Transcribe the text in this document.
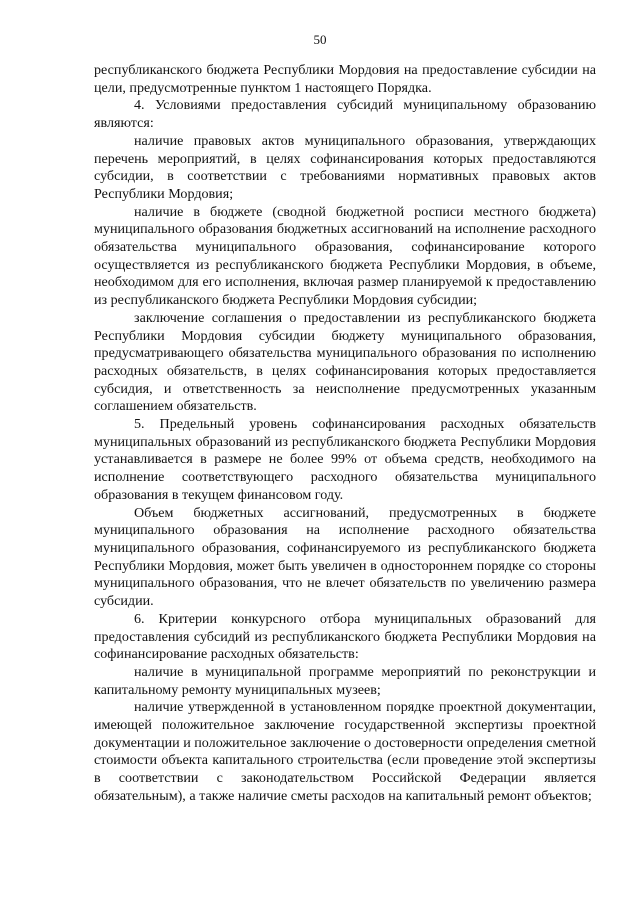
50

республиканского бюджета Республики Мордовия на предоставление субсидии на цели, предусмотренные пунктом 1 настоящего Порядка.

4. Условиями предоставления субсидий муниципальному образованию являются:

наличие правовых актов муниципального образования, утверждающих перечень мероприятий, в целях софинансирования которых предоставляются субсидии, в соответствии с требованиями нормативных правовых актов Республики Мордовия;

наличие в бюджете (сводной бюджетной росписи местного бюджета) муниципального образования бюджетных ассигнований на исполнение расходного обязательства муниципального образования, софинансирование которого осуществляется из республиканского бюджета Республики Мордовия, в объеме, необходимом для его исполнения, включая размер планируемой к предоставлению из республиканского бюджета Республики Мордовия субсидии;

заключение соглашения о предоставлении из республиканского бюджета Республики Мордовия субсидии бюджету муниципального образования, предусматривающего обязательства муниципального образования по исполнению расходных обязательств, в целях софинансирования которых предоставляется субсидия, и ответственность за неисполнение предусмотренных указанным соглашением обязательств.

5. Предельный уровень софинансирования расходных обязательств муниципальных образований из республиканского бюджета Республики Мордовия устанавливается в размере не более 99% от объема средств, необходимого на исполнение соответствующего расходного обязательства муниципального образования в текущем финансовом году.

Объем бюджетных ассигнований, предусмотренных в бюджете муниципального образования на исполнение расходного обязательства муниципального образования, софинансируемого из республиканского бюджета Республики Мордовия, может быть увеличен в одностороннем порядке со стороны муниципального образования, что не влечет обязательств по увеличению размера субсидии.

6. Критерии конкурсного отбора муниципальных образований для предоставления субсидий из республиканского бюджета Республики Мордовия на софинансирование расходных обязательств:

наличие в муниципальной программе мероприятий по реконструкции и капитальному ремонту муниципальных музеев;

наличие утвержденной в установленном порядке проектной документации, имеющей положительное заключение государственной экспертизы проектной документации и положительное заключение о достоверности определения сметной стоимости объекта капитального строительства (если проведение этой экспертизы в соответствии с законодательством Российской Федерации является обязательным), а также наличие сметы расходов на капитальный ремонт объектов;
